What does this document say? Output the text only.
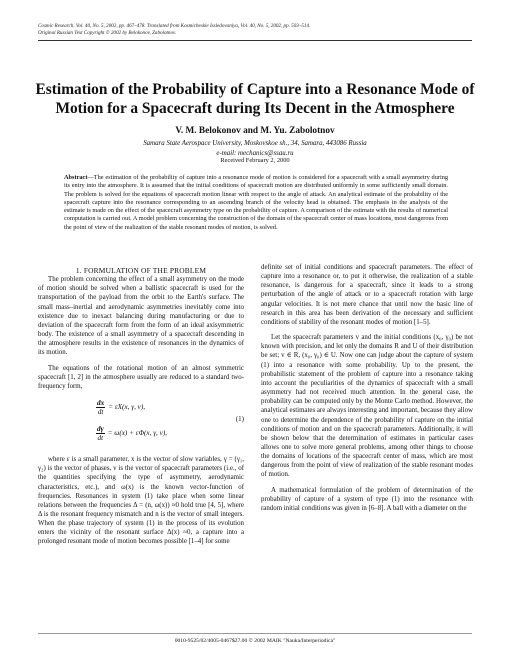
Cosmic Research, Vol. 40, No. 5, 2002, pp. 467–478. Translated from Kosmicheskie Issledovaniya, Vol. 40, No. 5, 2002, pp. 503–514.
Original Russian Text Copyright © 2002 by Belokonov, Zabolotnov.
Estimation of the Probability of Capture into a Resonance Mode of Motion for a Spacecraft during Its Decent in the Atmosphere
V. M. Belokonov and M. Yu. Zabolotnov
Samara State Aerospace University, Moskovskoe sh., 34, Samara, 443086 Russia
e-mail: mechanics@ssau.ru
Received February 2, 2000
Abstract—The estimation of the probability of capture into a resonance mode of motion is considered for a spacecraft with a small asymmetry during its entry into the atmosphere. It is assumed that the initial conditions of spacecraft motion are distributed uniformly in some sufficiently small domain. The problem is solved for the equations of spacecraft motion linear with respect to the angle of attack. An analytical estimate of the probability of the spacecraft capture into the resonance corresponding to an ascending branch of the velocity head is obtained. The emphasis in the analysis of the estimate is made on the effect of the spacecraft asymmetry type on the probability of capture. A comparison of the estimate with the results of numerical computation is carried out. A model problem concerning the construction of the domain of the spacecraft center of mass locations, most dangerous from the point of view of the realization of the stable resonant modes of motion, is solved.

1. FORMULATION OF THE PROBLEM

The problem concerning the effect of a small asymmetry on the mode of motion should be solved when a ballistic spacecraft is used for the transportation of the payload from the orbit to the Earth's surface. The small mass–inertial and aerodynamic asymmetries inevitably come into existence due to inexact balancing during manufacturing or due to deviation of the spacecraft form from the form of an ideal axisymmetric body. The existence of a small asymmetry of a spacecraft descending in the atmosphere results in the existence of resonances in the dynamics of its motion.

The equations of the rotational motion of an almost symmetric spacecraft [1, 2] in the atmosphere usually are reduced to a standard two-frequency form,

$\frac{dx}{dt} = \varepsilon X(x$, γ, v),
$\frac{d\gamma}{dt} = \omega(x) + \varepsilon\Phi(x$, γ, v),
(1)

where ε is a small parameter, x is the vector of slow variables, γ = (γ₁, γ₂) is the vector of phases, v is the vector of spacecraft parameters (i.e., of the quantities specifying the type of asymmetry, aerodynamic characteristics, etc.), and ω(x) is the known vector-function of frequencies. Resonances in system (1) take place when some linear relations between the frequencies Δ = (n, ω(x)) ≈0 hold true [4, 5], where Δ is the resonant frequency mismatch and n is the vector of small integers. When the phase trajectory of system (1) in the process of its evolution enters the vicinity of the resonant surface Δ(x) ≈0, a capture into a prolonged resonant mode of motion becomes possible [1–4] for some

definite set of initial conditions and spacecraft parameters. The effect of capture into a resonance or, to put it otherwise, the realization of a stable resonance, is dangerous for a spacecraft, since it leads to a strong perturbation of the angle of attack or to a spacecraft rotation with large angular velocities. It is not mere chance that until now the basic line of research in this area has been derivation of the necessary and sufficient conditions of stability of the resonant modes of motion [1–5].

Let the spacecraft parameters v and the initial conditions (x₀, γ₀) be not known with precision, and let only the domains R and U of their distribution be set; v ∈ R, (x₀, γ₀) ∈ U. Now one can judge about the capture of system (1) into a resonance with some probability. Up to the present, the probabilistic statement of the problem of capture into a resonance taking into account the peculiarities of the dynamics of spacecraft with a small asymmetry had not received much attention. In the general case, the probability can be computed only by the Monte Carlo method. However, the analytical estimates are always interesting and important, because they allow one to determine the dependence of the probability of capture on the initial conditions of motion and on the spacecraft parameters. Additionally, it will be shown below that the determination of estimates in particular cases allows one to solve more general problems, among other things to choose the domains of locations of the spacecraft center of mass, which are most dangerous from the point of view of realization of the stable resonant modes of motion.

A mathematical formulation of the problem of determination of the probability of capture of a system of type (1) into the resonance with random initial conditions was given in [6–8]. A ball with a diameter on the

0010-9525/02/4005-0467$27.00 © 2002 MAIK "Nauka/Interperiodica"
